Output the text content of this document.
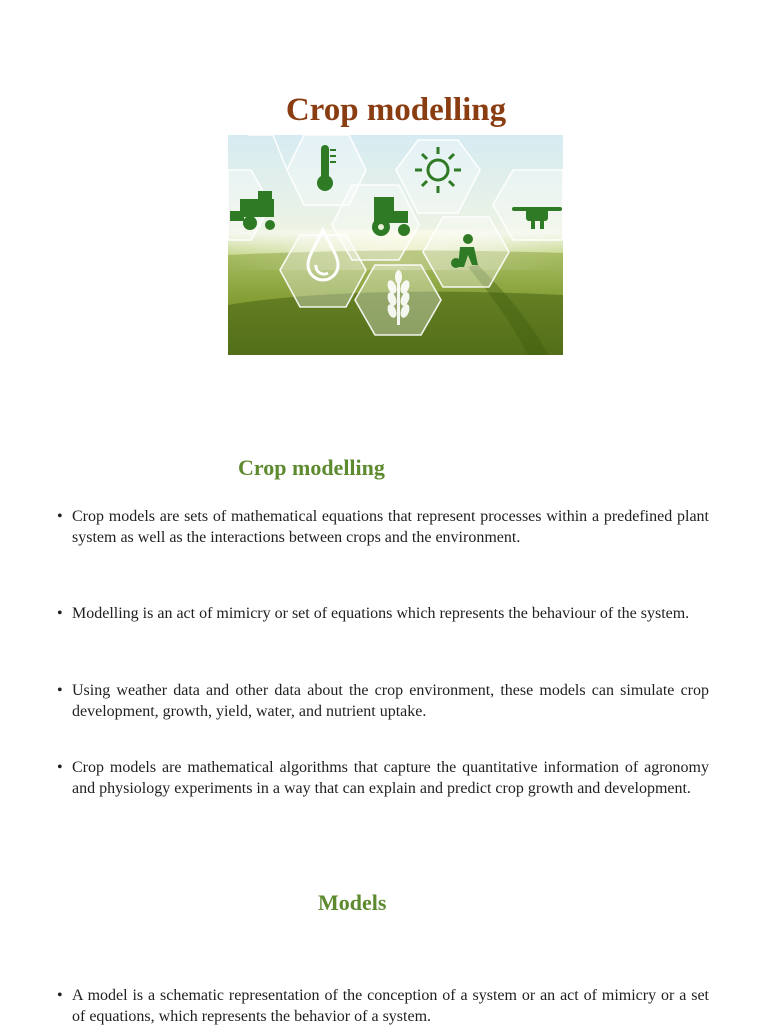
Crop modelling
Crop modelling

• Crop models are sets of mathematical equations that represent processes within a predefined plant system as well as the interactions between crops and the environment.

• Modelling is an act of mimicry or set of equations which represents the behaviour of the system.

• Using weather data and other data about the crop environment, these models can simulate crop development, growth, yield, water, and nutrient uptake.

• Crop models are mathematical algorithms that capture the quantitative information of agronomy and physiology experiments in a way that can explain and predict crop growth and development.

Models

• A model is a schematic representation of the conception of a system or an act of mimicry or a set of equations, which represents the behavior of a system.
